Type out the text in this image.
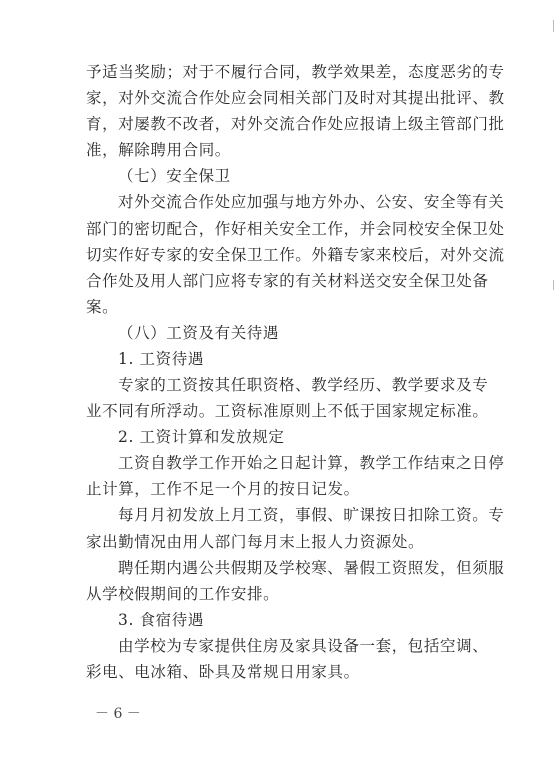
予适当奖励；对于不履行合同，教学效果差，态度恶劣的专
家，对外交流合作处应会同相关部门及时对其提出批评、教
育，对屡教不改者，对外交流合作处应报请上级主管部门批
准，解除聘用合同。
（七）安全保卫
对外交流合作处应加强与地方外办、公安、安全等有关
部门的密切配合，作好相关安全工作，并会同校安全保卫处
切实作好专家的安全保卫工作。外籍专家来校后，对外交流
合作处及用人部门应将专家的有关材料送交安全保卫处备
案。
（八）工资及有关待遇
1. 工资待遇
专家的工资按其任职资格、教学经历、教学要求及专
业不同有所浮动。工资标准原则上不低于国家规定标准。
2. 工资计算和发放规定
工资自教学工作开始之日起计算，教学工作结束之日停
止计算，工作不足一个月的按日记发。
每月月初发放上月工资，事假、旷课按日扣除工资。专
家出勤情况由用人部门每月末上报人力资源处。
聘任期内遇公共假期及学校寒、暑假工资照发，但须服
从学校假期间的工作安排。
3. 食宿待遇
由学校为专家提供住房及家具设备一套，包括空调、
彩电、电冰箱、卧具及常规日用家具。
－ 6 －
